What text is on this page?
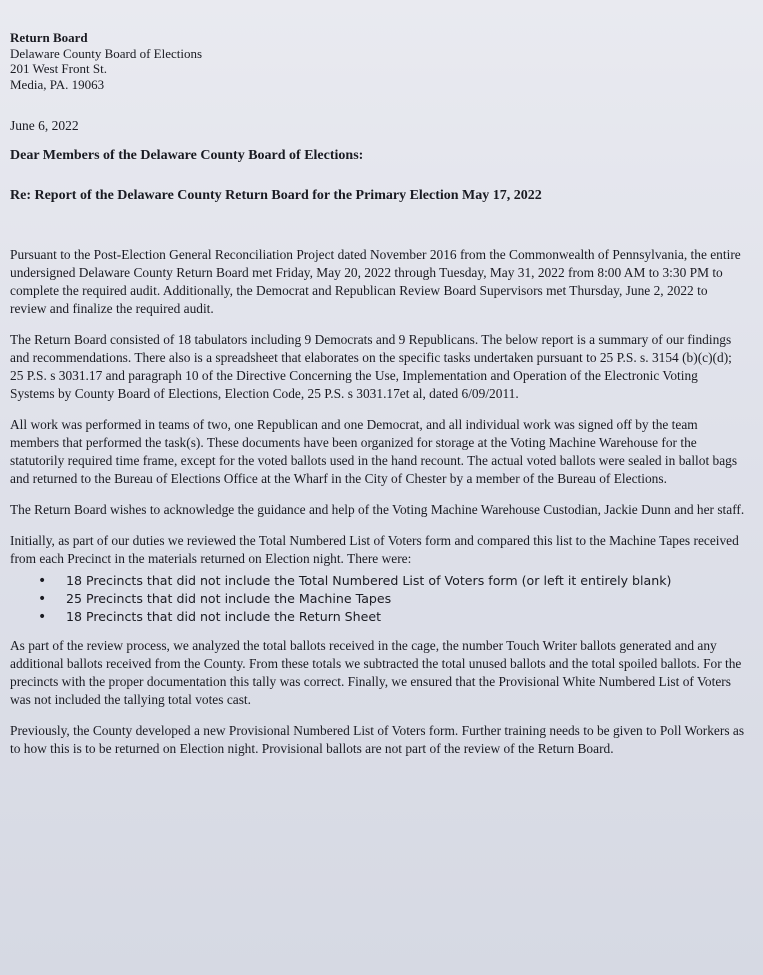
Return Board
Delaware County Board of Elections
201 West Front St.
Media, PA. 19063
June 6, 2022
Dear Members of the Delaware County Board of Elections:
Re: Report of the Delaware County Return Board for the Primary Election May 17, 2022

Pursuant to the Post-Election General Reconciliation Project dated November 2016 from the Commonwealth of Pennsylvania, the entire undersigned Delaware County Return Board met Friday, May 20, 2022 through Tuesday, May 31, 2022 from 8:00 AM to 3:30 PM to complete the required audit. Additionally, the Democrat and Republican Review Board Supervisors met Thursday, June 2, 2022 to review and finalize the required audit.

The Return Board consisted of 18 tabulators including 9 Democrats and 9 Republicans. The below report is a summary of our findings and recommendations. There also is a spreadsheet that elaborates on the specific tasks undertaken pursuant to 25 P.S. s. 3154 (b)(c)(d); 25 P.S. s 3031.17 and paragraph 10 of the Directive Concerning the Use, Implementation and Operation of the Electronic Voting Systems by County Board of Elections, Election Code, 25 P.S. s 3031.17et al, dated 6/09/2011.

All work was performed in teams of two, one Republican and one Democrat, and all individual work was signed off by the team members that performed the task(s). These documents have been organized for storage at the Voting Machine Warehouse for the statutorily required time frame, except for the voted ballots used in the hand recount. The actual voted ballots were sealed in ballot bags and returned to the Bureau of Elections Office at the Wharf in the City of Chester by a member of the Bureau of Elections.

The Return Board wishes to acknowledge the guidance and help of the Voting Machine Warehouse Custodian, Jackie Dunn and her staff.

Initially, as part of our duties we reviewed the Total Numbered List of Voters form and compared this list to the Machine Tapes received from each Precinct in the materials returned on Election night. There were:

• 18 Precincts that did not include the Total Numbered List of Voters form (or left it entirely blank)
• 25 Precincts that did not include the Machine Tapes
• 18 Precincts that did not include the Return Sheet

As part of the review process, we analyzed the total ballots received in the cage, the number Touch Writer ballots generated and any additional ballots received from the County. From these totals we subtracted the total unused ballots and the total spoiled ballots. For the precincts with the proper documentation this tally was correct. Finally, we ensured that the Provisional White Numbered List of Voters was not included the tallying total votes cast.

Previously, the County developed a new Provisional Numbered List of Voters form. Further training needs to be given to Poll Workers as to how this is to be returned on Election night. Provisional ballots are not part of the review of the Return Board.
